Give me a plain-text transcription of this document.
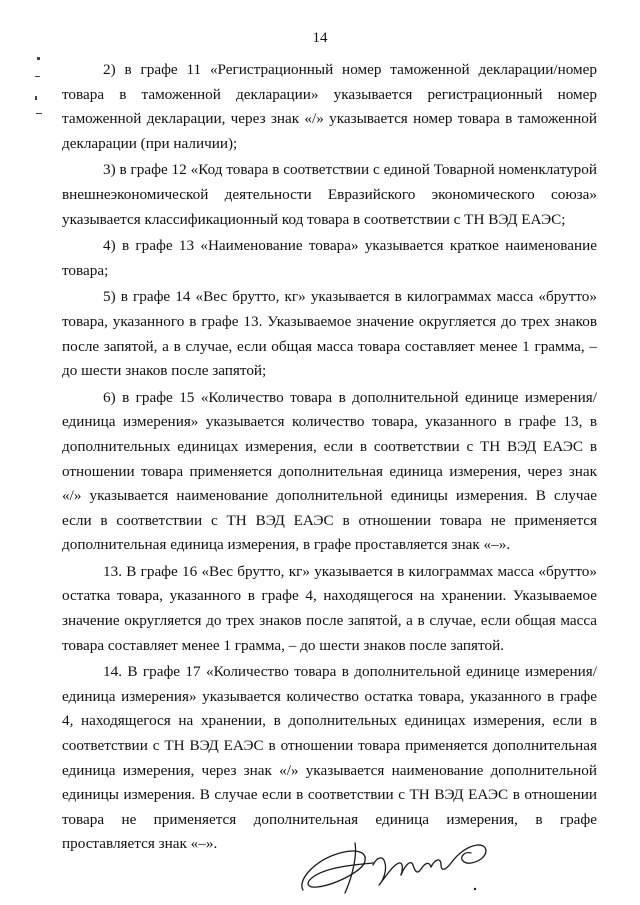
14

2) в графе 11 «Регистрационный номер таможенной декларации/номер товара в таможенной декларации» указывается регистрационный номер таможенной декларации, через знак «/» указывается номер товара в таможенной декларации (при наличии);

3) в графе 12 «Код товара в соответствии с единой Товарной номенклатурой внешнеэкономической деятельности Евразийского экономического союза» указывается классификационный код товара в соответствии с ТН ВЭД ЕАЭС;

4) в графе 13 «Наименование товара» указывается краткое наименование товара;

5) в графе 14 «Вес брутто, кг» указывается в килограммах масса «брутто» товара, указанного в графе 13. Указываемое значение округляется до трех знаков после запятой, а в случае, если общая масса товара составляет менее 1 грамма, – до шести знаков после запятой;

6) в графе 15 «Количество товара в дополнительной единице измерения/единица измерения» указывается количество товара, указанного в графе 13, в дополнительных единицах измерения, если в соответствии с ТН ВЭД ЕАЭС в отношении товара применяется дополнительная единица измерения, через знак «/» указывается наименование дополнительной единицы измерения. В случае если в соответствии с ТН ВЭД ЕАЭС в отношении товара не применяется дополнительная единица измерения, в графе проставляется знак «–».

13. В графе 16 «Вес брутто, кг» указывается в килограммах масса «брутто» остатка товара, указанного в графе 4, находящегося на хранении. Указываемое значение округляется до трех знаков после запятой, а в случае, если общая масса товара составляет менее 1 грамма, – до шести знаков после запятой.

14. В графе 17 «Количество товара в дополнительной единице измерения/единица измерения» указывается количество остатка товара, указанного в графе 4, находящегося на хранении, в дополнительных единицах измерения, если в соответствии с ТН ВЭД ЕАЭС в отношении товара применяется дополнительная единица измерения, через знак «/» указывается наименование дополнительной единицы измерения. В случае если в соответствии с ТН ВЭД ЕАЭС в отношении товара не применяется дополнительная единица измерения, в графе проставляется знак «–».
